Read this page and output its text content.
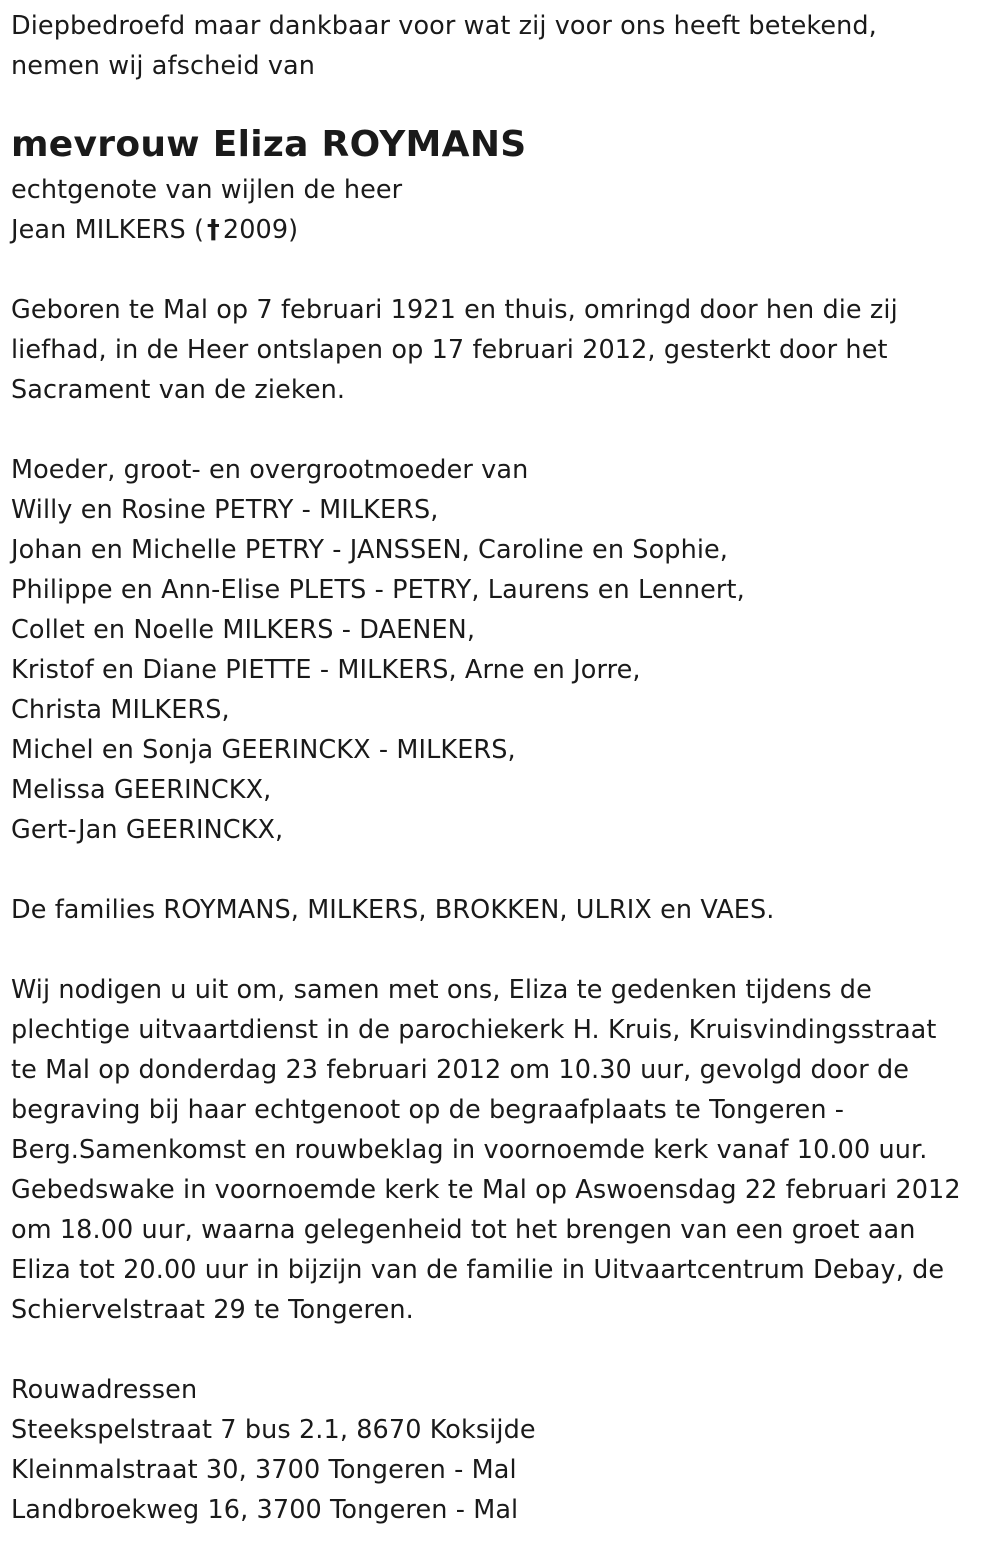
Diepbedroefd maar dankbaar voor wat zij voor ons heeft betekend,
nemen wij afscheid van
mevrouw Eliza ROYMANS
echtgenote van wijlen de heer
Jean MILKERS ( † 2009)
Geboren te Mal op 7 februari 1921 en thuis, omringd door hen die zij
liefhad, in de Heer ontslapen op 17 februari 2012, gesterkt door het
Sacrament van de zieken.
Moeder, groot- en overgrootmoeder van
Willy en Rosine PETRY - MILKERS,
Johan en Michelle PETRY - JANSSEN, Caroline en Sophie,
Philippe en Ann-Elise PLETS - PETRY, Laurens en Lennert,
Collet en Noelle MILKERS - DAENEN,
Kristof en Diane PIETTE - MILKERS, Arne en Jorre,
Christa MILKERS,
Michel en Sonja GEERINCKX - MILKERS,
Melissa GEERINCKX,
Gert-Jan GEERINCKX,
De families ROYMANS, MILKERS, BROKKEN, ULRIX en VAES.
Wij nodigen u uit om, samen met ons, Eliza te gedenken tijdens de
plechtige uitvaartdienst in de parochiekerk H. Kruis, Kruisvindingsstraat
te Mal op donderdag 23 februari 2012 om 10.30 uur, gevolgd door de
begraving bij haar echtgenoot op de begraafplaats te Tongeren -
Berg.Samenkomst en rouwbeklag in voornoemde kerk vanaf 10.00 uur.
Gebedswake in voornoemde kerk te Mal op Aswoensdag 22 februari 2012
om 18.00 uur, waarna gelegenheid tot het brengen van een groet aan
Eliza tot 20.00 uur in bijzijn van de familie in Uitvaartcentrum Debay, de
Schiervelstraat 29 te Tongeren.
Rouwadressen
Steekspelstraat 7 bus 2.1, 8670 Koksijde
Kleinmalstraat 30, 3700 Tongeren - Mal
Landbroekweg 16, 3700 Tongeren - Mal
